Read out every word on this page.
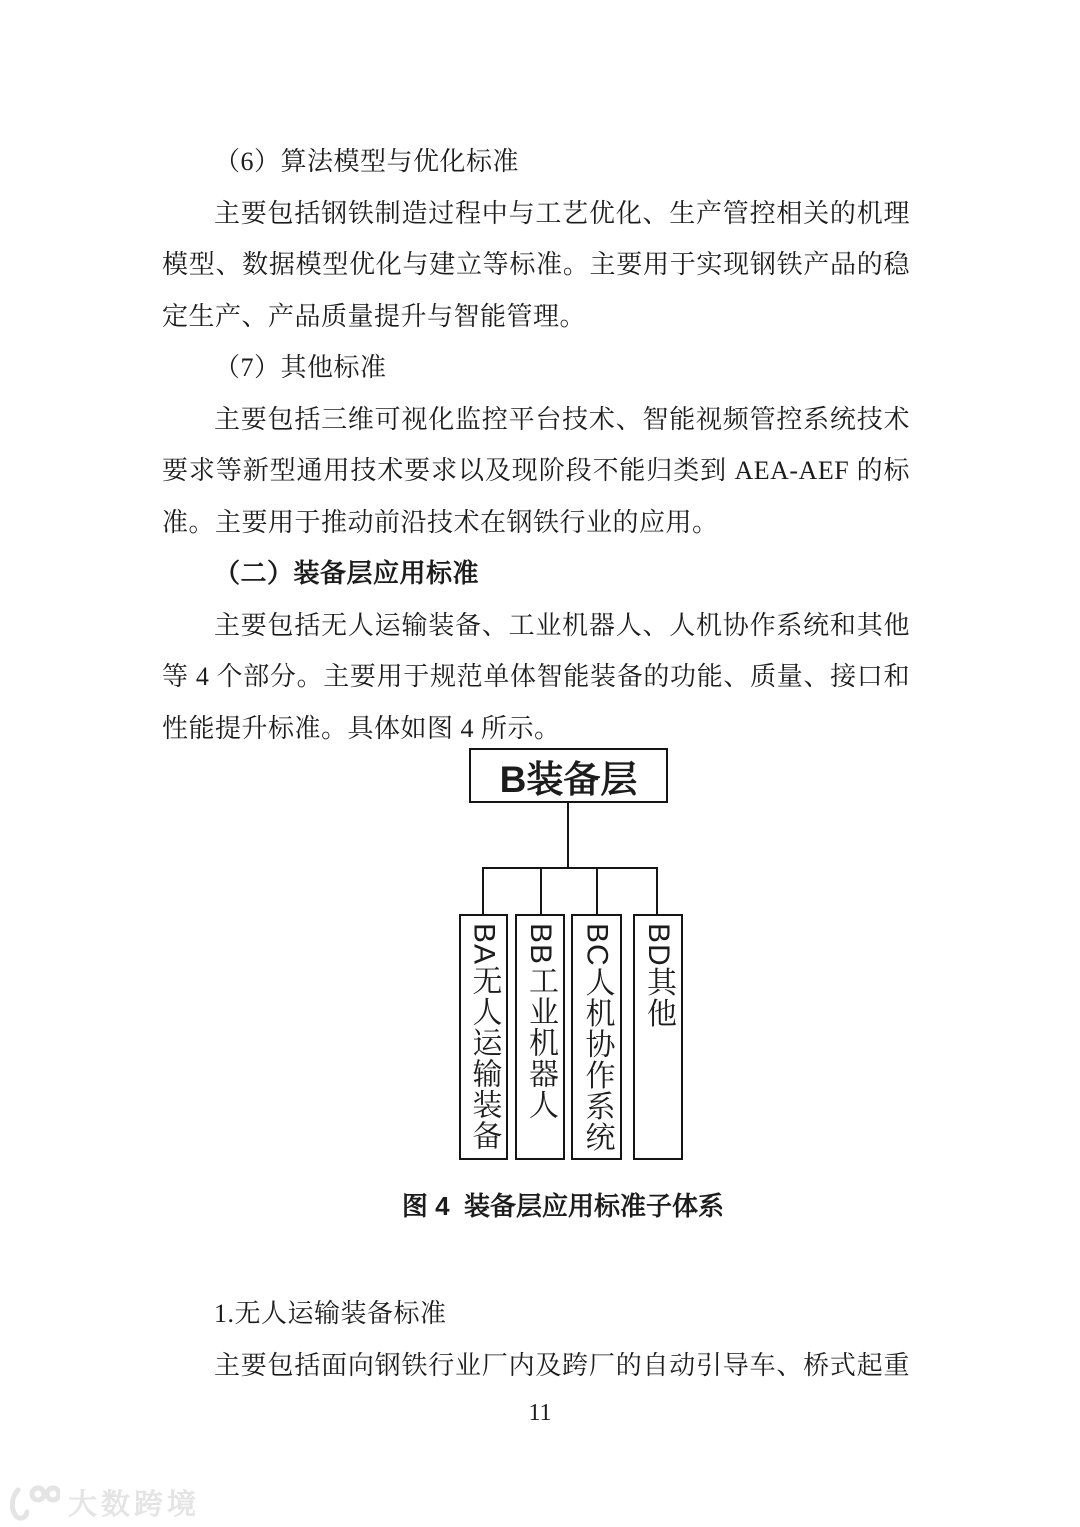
（6）算法模型与优化标准
主要包括钢铁制造过程中与工艺优化、生产管控相关的机理
模型、数据模型优化与建立等标准。主要用于实现钢铁产品的稳
定生产、产品质量提升与智能管理。
（7）其他标准
主要包括三维可视化监控平台技术、智能视频管控系统技术
要求等新型通用技术要求以及现阶段不能归类到 AEA-AEF 的标
准。主要用于推动前沿技术在钢铁行业的应用。
（二）装备层应用标准
主要包括无人运输装备、工业机器人、人机协作系统和其他
等 4 个部分。主要用于规范单体智能装备的功能、质量、接口和
性能提升标准。具体如图 4 所示。
B装备层
BA无人运输装备 BB工业机器人 BC人机协作系统 BD其他
图 4  装备层应用标准子体系
1.无人运输装备标准
主要包括面向钢铁行业厂内及跨厂的自动引导车、桥式起重
11
大数跨境
